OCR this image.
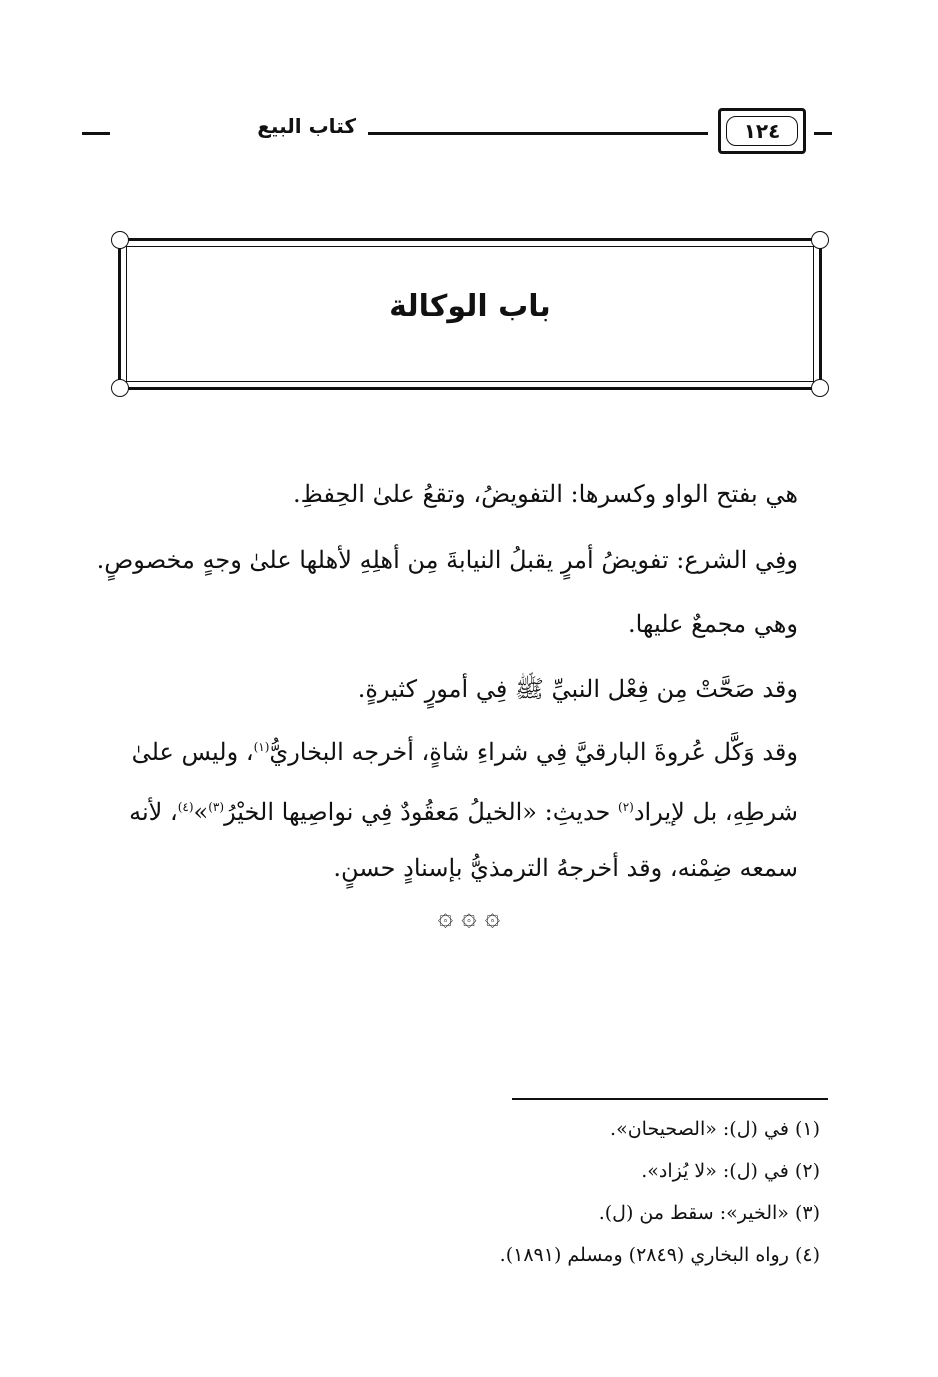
١٢٤
كتاب البيع
باب الوكالة
هي بفتح الواو وكسرها: التفويضُ، وتقعُ علىٰ الحِفظِ.
وفِي الشرع: تفويضُ أمرٍ يقبلُ النيابةَ مِن أهلِهِ لأهلها علىٰ وجهٍ مخصوصٍ.
وهي مجمعٌ عليها.
وقد صَحَّتْ مِن فِعْل النبيِّ ﷺ فِي أمورٍ كثيرةٍ.
وقد وَكَّل عُروةَ البارقيَّ فِي شراءِ شاةٍ، أخرجه البخاريُّ$^{(١)}$، وليس علىٰ
شرطِهِ، بل لإيراد$^{(٢)}$ حديثِ: «الخيلُ مَعقُودٌ فِي نواصِيها الخيْرُ$^{(٣)}$»$^{(٤)}$، لأنه
سمعه ضِمْنه، وقد أخرجهُ الترمذيُّ بإسنادٍ حسنٍ.
۞ ۞ ۞
(١) في (ل): «الصحيحان».
(٢) في (ل): «لا يُزاد».
(٣) «الخير»: سقط من (ل).
(٤) رواه البخاري (٢٨٤٩) ومسلم (١٨٩١).
